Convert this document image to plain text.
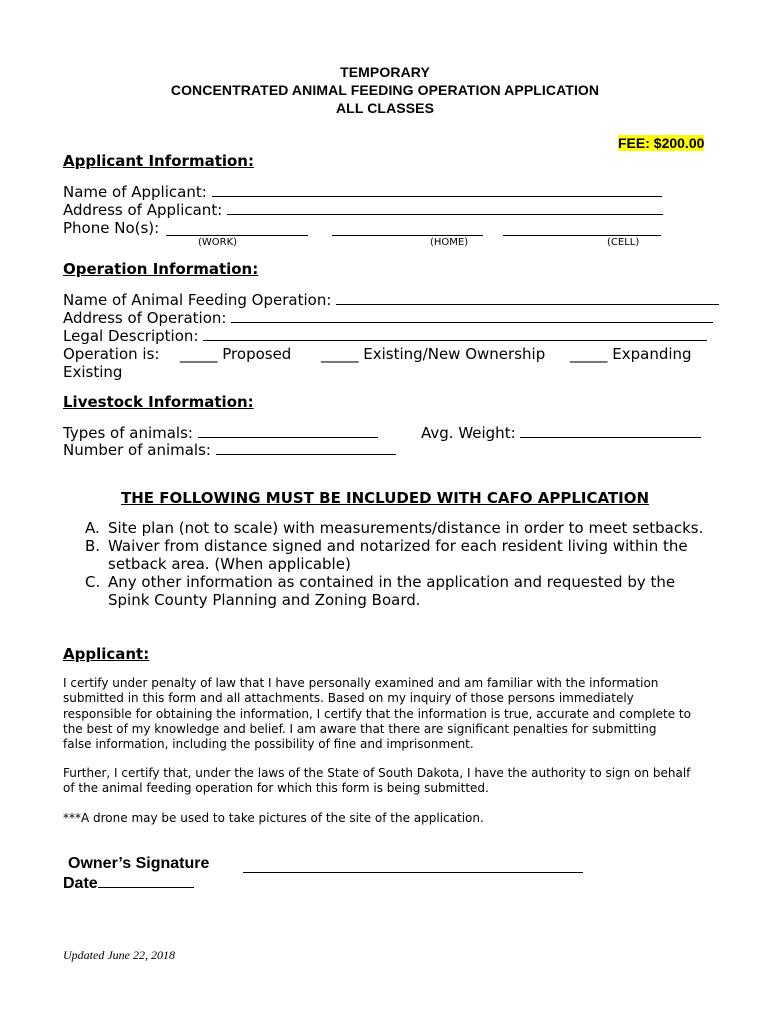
TEMPORARY
CONCENTRATED ANIMAL FEEDING OPERATION APPLICATION
ALL CLASSES
FEE: $200.00
Applicant Information:
Name of Applicant:
Address of Applicant:
Phone No(s):
(WORK)	(HOME)	(CELL)
Operation Information:
Name of Animal Feeding Operation:
Address of Operation:
Legal Description:
Operation is: _____ Proposed _____ Existing/New Ownership _____ Expanding
Existing
Livestock Information:
Types of animals:	Avg. Weight:
Number of animals:
THE FOLLOWING MUST BE INCLUDED WITH CAFO APPLICATION
A. Site plan (not to scale) with measurements/distance in order to meet setbacks.
B. Waiver from distance signed and notarized for each resident living within the
setback area. (When applicable)
C. Any other information as contained in the application and requested by the
Spink County Planning and Zoning Board.
Applicant:
I certify under penalty of law that I have personally examined and am familiar with the information
submitted in this form and all attachments. Based on my inquiry of those persons immediately
responsible for obtaining the information, I certify that the information is true, accurate and complete to
the best of my knowledge and belief. I am aware that there are significant penalties for submitting
false information, including the possibility of fine and imprisonment.
Further, I certify that, under the laws of the State of South Dakota, I have the authority to sign on behalf
of the animal feeding operation for which this form is being submitted.
***A drone may be used to take pictures of the site of the application.
Owner’s Signature
Date
Updated June 22, 2018
